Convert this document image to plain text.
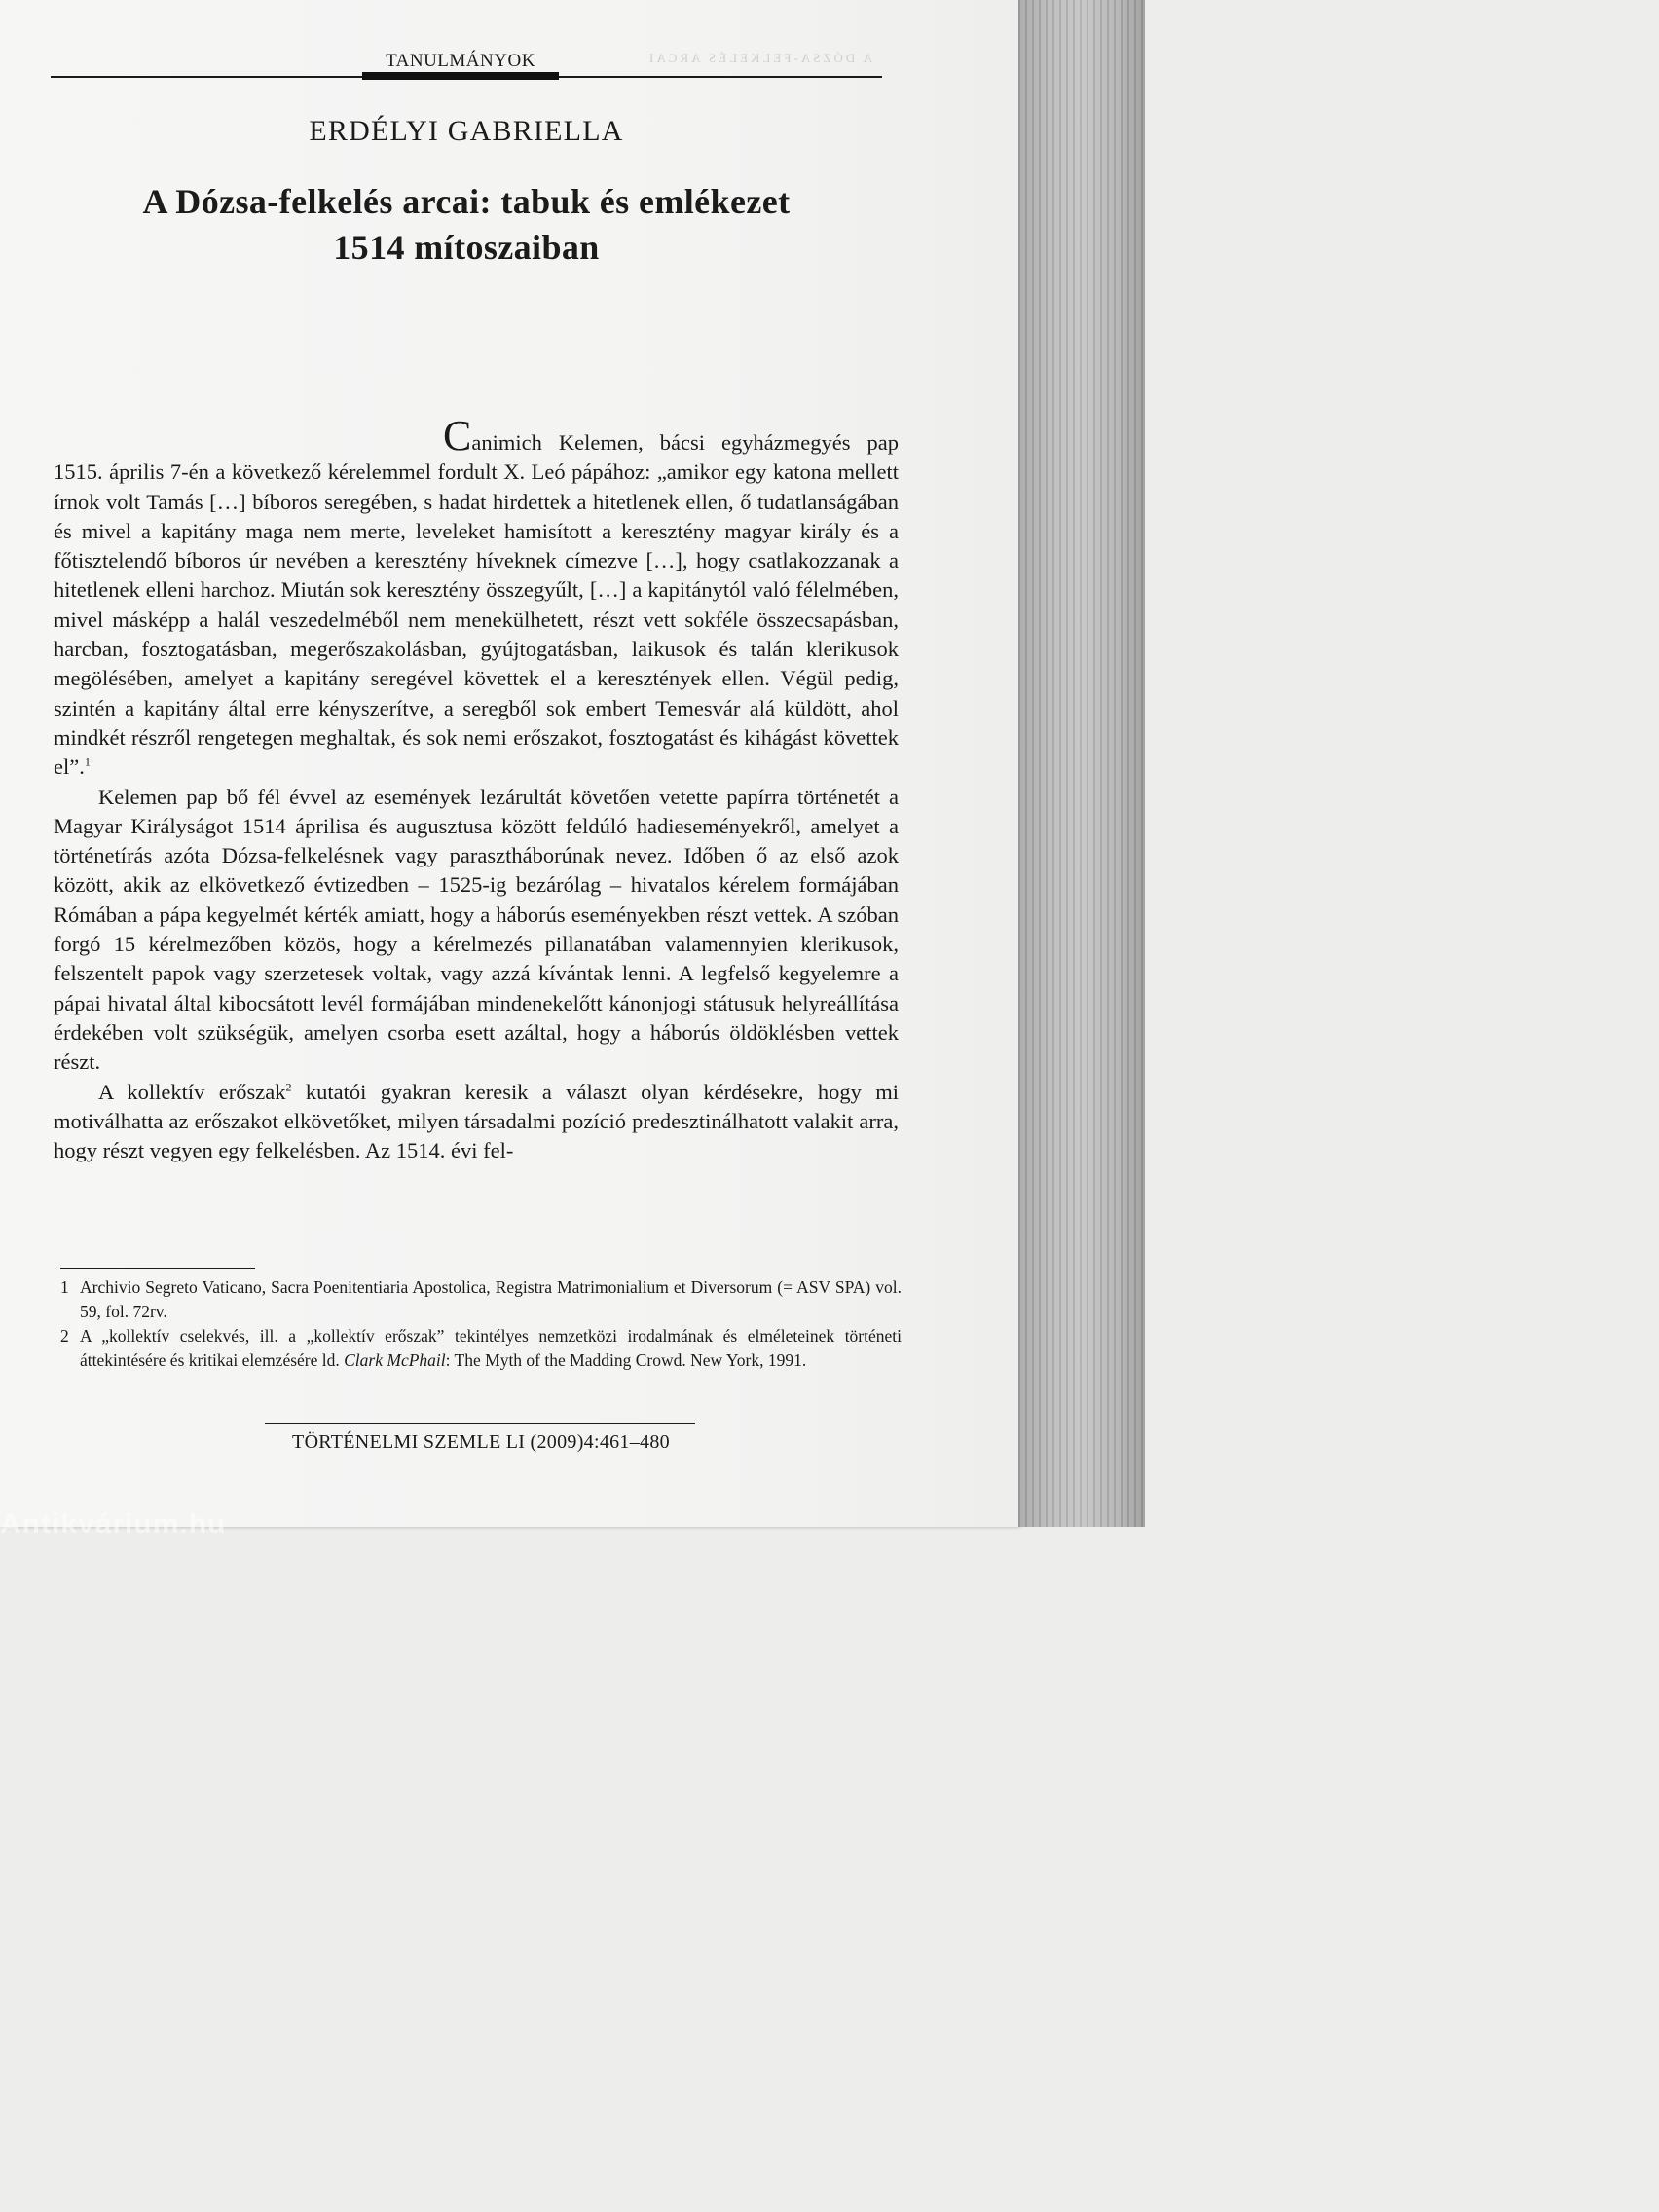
A DÓZSA-FELKELÉS ARCAI
TANULMÁNYOK
ERDÉLYI GABRIELLA
A Dózsa-felkelés arcai: tabuk és emlékezet
1514 mítoszaiban

Canimich Kelemen, bácsi egyházmegyés pap 1515. április 7-én a következő kérelemmel fordult X. Leó pápához: „amikor egy katona mellett írnok volt Tamás […] bíboros seregében, s hadat hirdettek a hitetlenek ellen, ő tudatlanságában és mivel a kapitány maga nem merte, leveleket hamisított a keresztény magyar király és a főtisztelendő bíboros úr nevében a keresztény híveknek címezve […], hogy csatlakozzanak a hitetlenek elleni harchoz. Miután sok keresztény összegyűlt, […] a kapitánytól való félelmében, mivel másképp a halál veszedelméből nem menekülhetett, részt vett sokféle összecsapásban, harcban, fosztogatásban, megerőszakolásban, gyújtogatásban, laikusok és talán klerikusok megölésében, amelyet a kapitány seregével követtek el a keresztények ellen. Végül pedig, szintén a kapitány által erre kényszerítve, a seregből sok embert Temesvár alá küldött, ahol mindkét részről rengetegen meghaltak, és sok nemi erőszakot, fosztogatást és kihágást követtek el”.$^1$

Kelemen pap bő fél évvel az események lezárultát követően vetette papírra történetét a Magyar Királyságot 1514 áprilisa és augusztusa között feldúló hadieseményekről, amelyet a történetírás azóta Dózsa-felkelésnek vagy parasztháborúnak nevez. Időben ő az első azok között, akik az elkövetkező évtizedben – 1525-ig bezárólag – hivatalos kérelem formájában Rómában a pápa kegyelmét kérték amiatt, hogy a háborús eseményekben részt vettek. A szóban forgó 15 kérelmezőben közös, hogy a kérelmezés pillanatában valamennyien klerikusok, felszentelt papok vagy szerzetesek voltak, vagy azzá kívántak lenni. A legfelső kegyelemre a pápai hivatal által kibocsátott levél formájában mindenekelőtt kánonjogi státusuk helyreállítása érdekében volt szükségük, amelyen csorba esett azáltal, hogy a háborús öldöklésben vettek részt.

A kollektív erőszak$^2$ kutatói gyakran keresik a választ olyan kérdésekre, hogy mi motiválhatta az erőszakot elkövetőket, milyen társadalmi pozíció predesztinálhatott valakit arra, hogy részt vegyen egy felkelésben. Az 1514. évi fel-

1 Archivio Segreto Vaticano, Sacra Poenitentiaria Apostolica, Registra Matrimonialium et Diversorum (= ASV SPA) vol. 59, fol. 72rv.
2 A „kollektív cselekvés, ill. a „kollektív erőszak” tekintélyes nemzetközi irodalmának és elméleteinek történeti áttekintésére és kritikai elemzésére ld. Clark McPhail: The Myth of the Madding Crowd. New York, 1991.
TÖRTÉNELMI SZEMLE LI (2009)4:461–480
Antikvárium.hu
